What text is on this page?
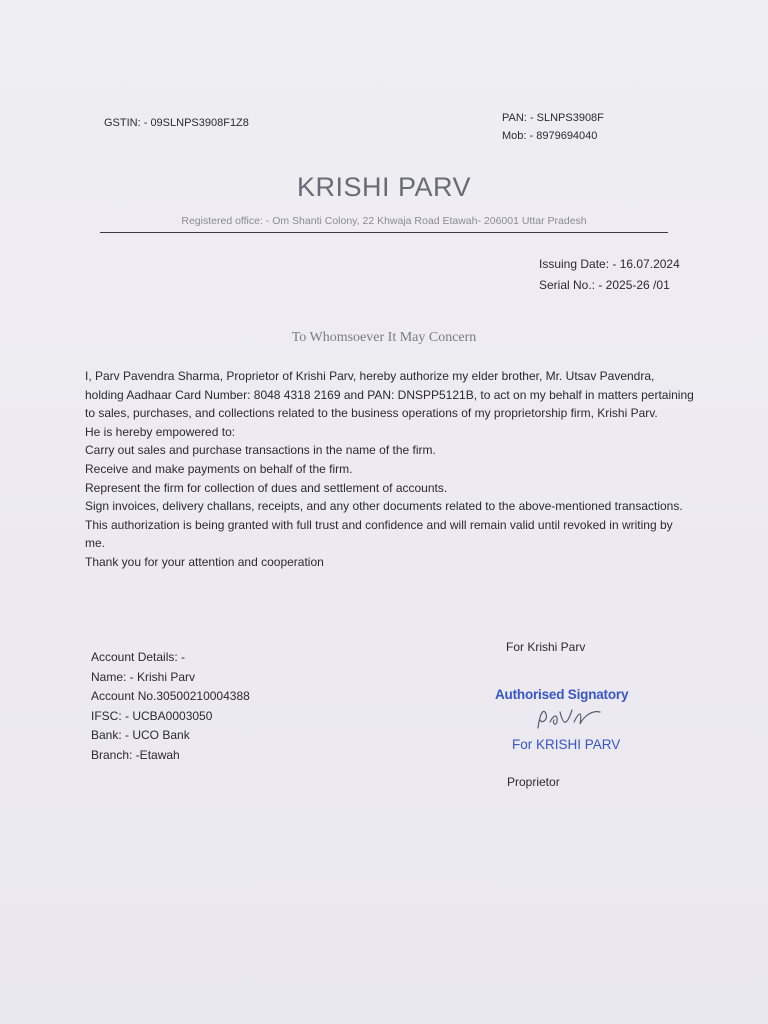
GSTIN: - 09SLNPS3908F1Z8	PAN: - SLNPS3908F
Mob: - 8979694040
KRISHI PARV
Registered office: - Om Shanti Colony, 22 Khwaja Road Etawah- 206001 Uttar Pradesh
Issuing Date: - 16.07.2024
Serial No.: - 2025-26 /01
To Whomsoever It May Concern

I, Parv Pavendra Sharma, Proprietor of Krishi Parv, hereby authorize my elder brother, Mr. Utsav Pavendra, holding Aadhaar Card Number: 8048 4318 2169 and PAN: DNSPP5121B, to act on my behalf in matters pertaining to sales, purchases, and collections related to the business operations of my proprietorship firm, Krishi Parv.

He is hereby empowered to:

Carry out sales and purchase transactions in the name of the firm.

Receive and make payments on behalf of the firm.

Represent the firm for collection of dues and settlement of accounts.

Sign invoices, delivery challans, receipts, and any other documents related to the above-mentioned transactions.

This authorization is being granted with full trust and confidence and will remain valid until revoked in writing by me.

Thank you for your attention and cooperation

Account Details: -
Name: - Krishi Parv
Account No.30500210004388
IFSC: - UCBA0003050
Bank: - UCO Bank
Branch: -Etawah
For Krishi Parv
Authorised Signatory
For KRISHI PARV
Proprietor
